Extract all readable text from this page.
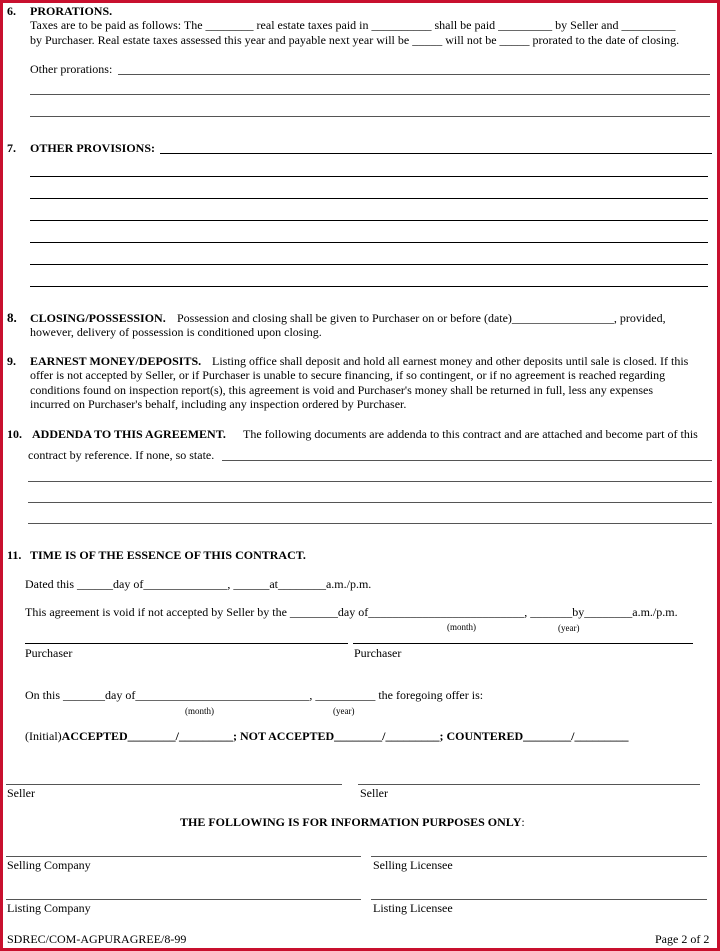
6. PRORATIONS.
Taxes are to be paid as follows: The ________ real estate taxes paid in __________ shall be paid _________ by Seller and _________
by Purchaser. Real estate taxes assessed this year and payable next year will be _____ will not be _____ prorated to the date of closing.
Other prorations:
7. OTHER PROVISIONS:
8. CLOSING/POSSESSION. Possession and closing shall be given to Purchaser on or before (date)_________________, provided,
however, delivery of possession is conditioned upon closing.
9. EARNEST MONEY/DEPOSITS. Listing office shall deposit and hold all earnest money and other deposits until sale is closed. If this
offer is not accepted by Seller, or if Purchaser is unable to secure financing, if so contingent, or if no agreement is reached regarding
conditions found on inspection report(s), this agreement is void and Purchaser's money shall be returned in full, less any expenses
incurred on Purchaser's behalf, including any inspection ordered by Purchaser.
10. ADDENDA TO THIS AGREEMENT. The following documents are addenda to this contract and are attached and become part of this
contract by reference. If none, so state.
11. TIME IS OF THE ESSENCE OF THIS CONTRACT.
Dated this ______day of______________, ______at________a.m./p.m.
This agreement is void if not accepted by Seller by the ________day of__________________________, _______by________a.m./p.m.
(month)	(year)
Purchaser	Purchaser
On this _______day of_____________________________, __________ the foregoing offer is:
(month)	(year)
(Initial)ACCEPTED________/_________; NOT ACCEPTED________/_________; COUNTERED________/_________
Seller	Seller
THE FOLLOWING IS FOR INFORMATION PURPOSES ONLY:
Selling Company	Selling Licensee
Listing Company	Listing Licensee
SDREC/COM-AGPURAGREE/8-99	Page 2 of 2
